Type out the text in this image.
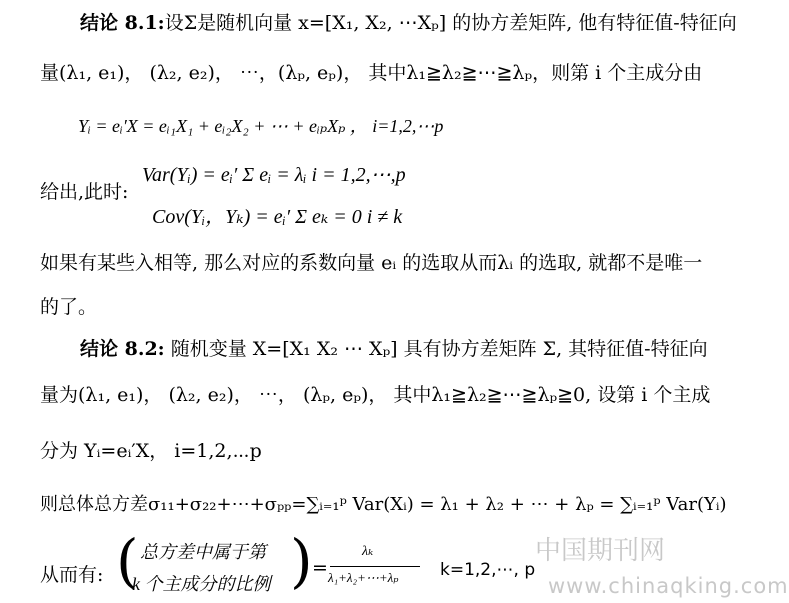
结论 8.1:设Σ是随机向量 x=[X₁, X₂, ⋯Xₚ] 的协方差矩阵, 他有特征值-特征向
量(λ₁, e₁)， (λ₂, e₂)， ⋯，(λₚ, eₚ)， 其中λ₁≧λ₂≧⋯≧λₚ，则第 i 个主成分由
Yᵢ = eᵢ′X = eᵢ₁X₁ + eᵢ₂X₂ + ⋯ + eᵢₚXₚ ， i=1,2,⋯p
给出,此时:
Var(Yᵢ) = eᵢ′ Σ eᵢ = λᵢ i = 1,2,⋯,p
Cov(Yᵢ，Yₖ) = eᵢ′ Σ eₖ = 0 i ≠ k
如果有某些入相等, 那么对应的系数向量 eᵢ 的选取从而λᵢ 的选取, 就都不是唯一
的了。
结论 8.2: 随机变量 X=[X₁ X₂ ⋯ Xₚ] 具有协方差矩阵 Σ, 其特征值-特征向
量为(λ₁, e₁)， (λ₂, e₂)， ⋯， (λₚ, eₚ)， 其中λ₁≧λ₂≧⋯≧λₚ≧0, 设第 i 个主成
分为 Yᵢ=eᵢ′X， i=1,2,⋯p
则总体总方差σ₁₁+σ₂₂+⋯+σₚₚ=∑ᵢ₌₁ᵖ Var(Xᵢ) = λ₁ + λ₂ + ⋯ + λₚ = ∑ᵢ₌₁ᵖ Var(Yᵢ)
从而有: ( 总方差中属于第
k 个主成分的比例 ) =
λₖ
λ₁+λ₂+⋯+λₚ k=1,2,⋯, p
中国期刊网
www.chinaqking.com
